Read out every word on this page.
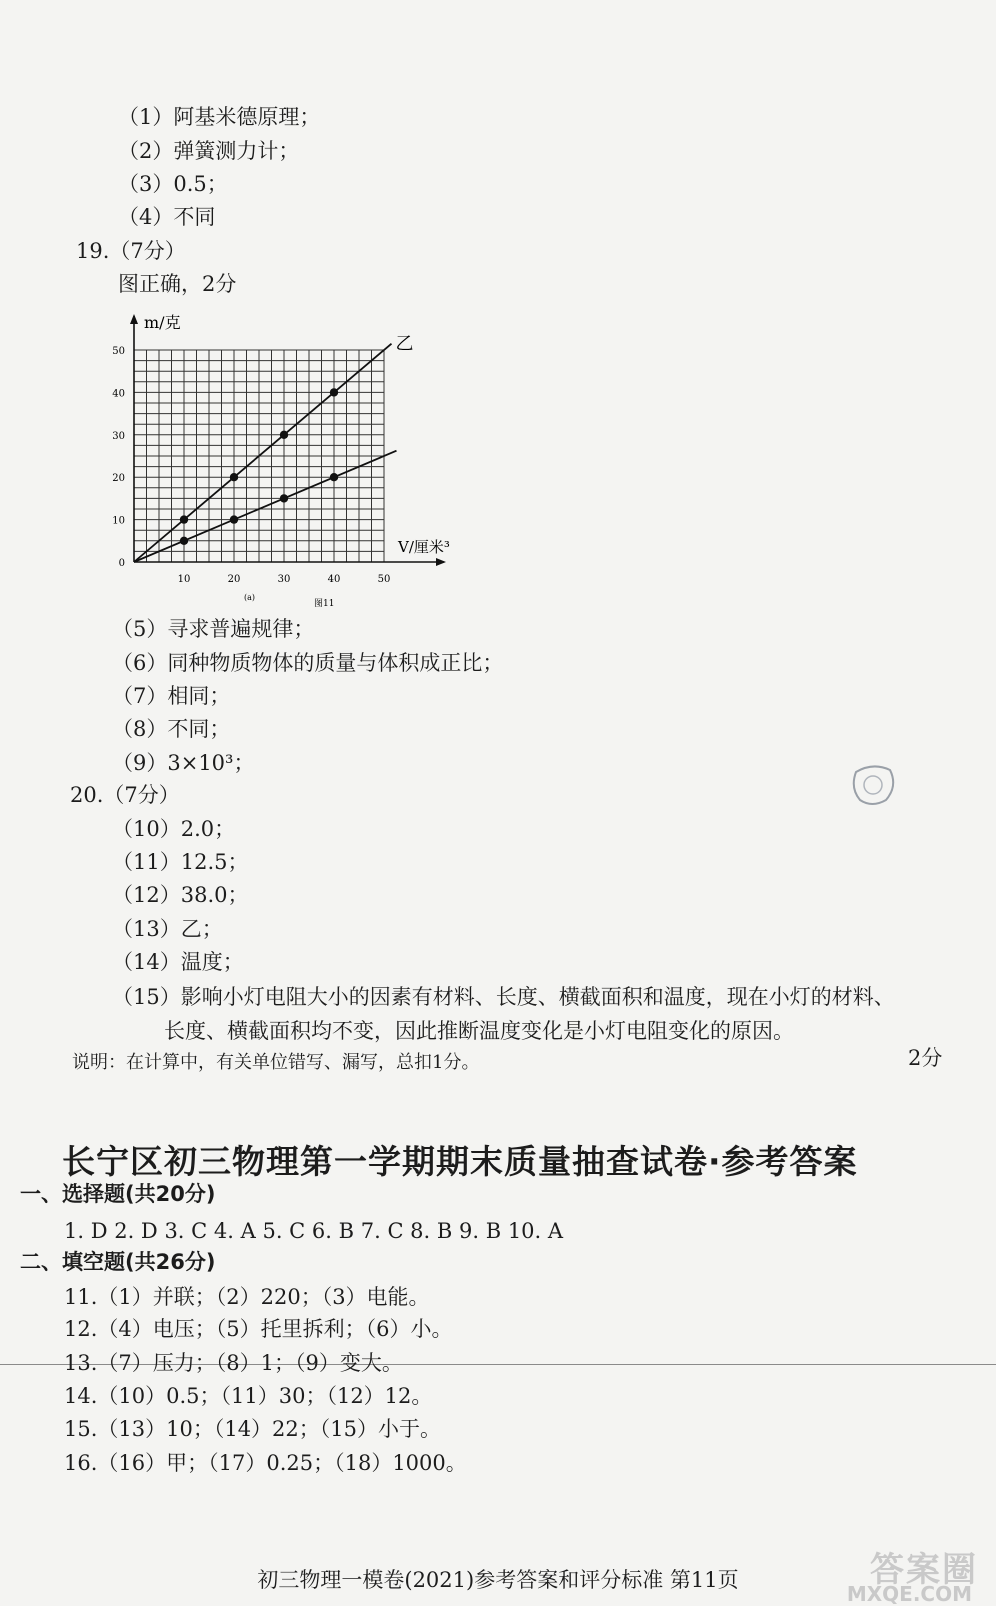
（1）阿基米德原理；
（2）弹簧测力计；
（3）0.5；
（4）不同
19.（7分）
图正确，2分
10	20	30	40	50
0
10
20
30
40
50
m/克
V/厘米³
(a)
图11
乙
（5）寻求普遍规律；
（6）同种物质物体的质量与体积成正比；
（7）相同；
（8）不同；
（9）3×10³；
20.（7分）
（10）2.0；
（11）12.5；
（12）38.0；
（13）乙；
（14）温度；
（15）影响小灯电阻大小的因素有材料、长度、横截面积和温度，现在小灯的材料、
长度、横截面积均不变，因此推断温度变化是小灯电阻变化的原因。
2分
说明：在计算中，有关单位错写、漏写，总扣1分。
长宁区初三物理第一学期期末质量抽查试卷·参考答案
一、选择题(共20分)
1. D 2. D 3. C 4. A 5. C 6. B 7. C 8. B 9. B 10. A
二、填空题(共26分)
11.（1）并联；（2）220；（3）电能。
12.（4）电压；（5）托里拆利；（6）小。
13.（7）压力；（8）1；（9）变大。
14.（10）0.5；（11）30；（12）12。
15.（13）10；（14）22；（15）小于。
16.（16）甲；（17）0.25；（18）1000。
初三物理一模卷(2021)参考答案和评分标准 第11页	答案圈
MXQE.COM
